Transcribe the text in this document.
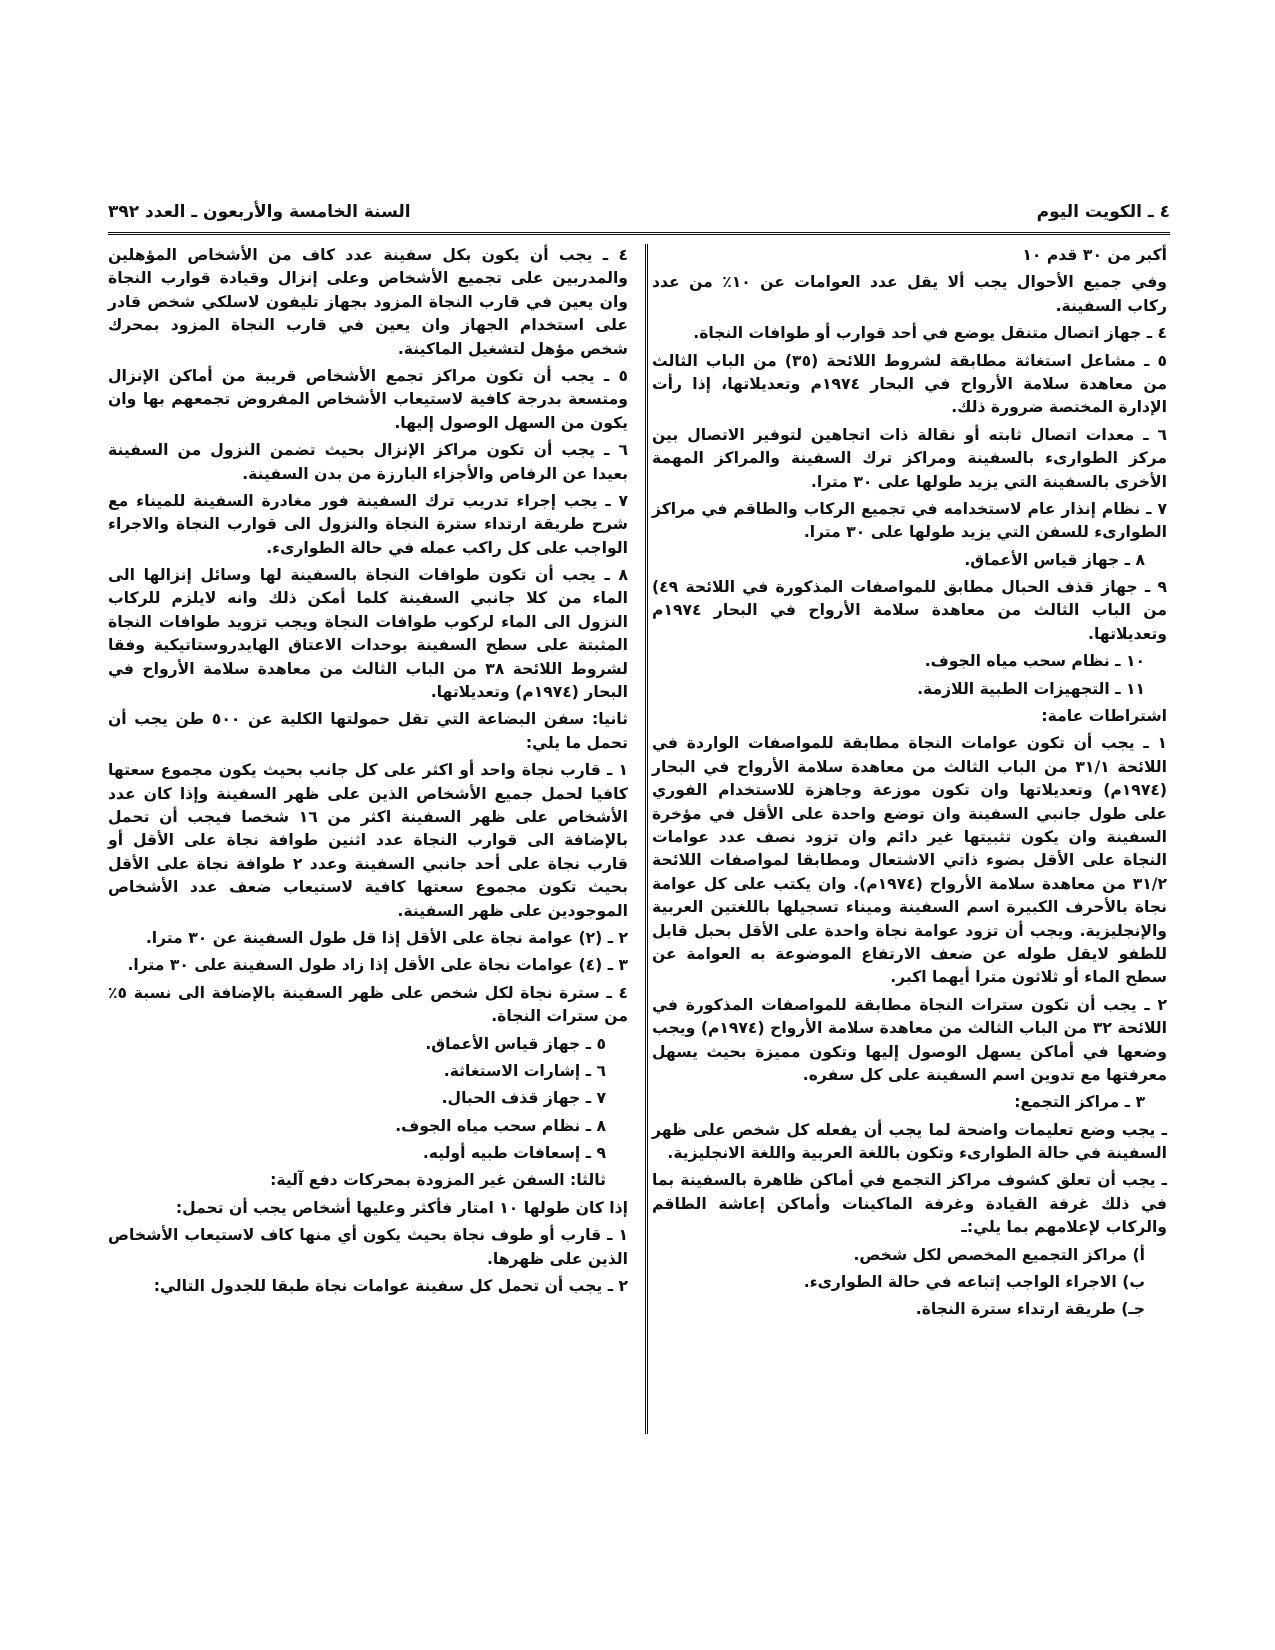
٤ ـ الكويت اليوم
السنة الخامسة والأربعون ـ العدد ٣٩٢

أكبر من ٣٠ قدم ١٠

وفي جميع الأحوال يجب ألا يقل عدد العوامات عن ١٠٪ من عدد ركاب السفينة.

٤ ـ جهاز اتصال متنقل يوضع في أحد قوارب أو طوافات النجاة.

٥ ـ مشاعل استغاثة مطابقة لشروط اللائحة (٣٥) من الباب الثالث من معاهدة سلامة الأرواح في البحار ١٩٧٤م وتعديلاتها، إذا رأت الإدارة المختصة ضرورة ذلك.

٦ ـ معدات اتصال ثابته أو نقالة ذات اتجاهين لتوفير الاتصال بين مركز الطوارىء بالسفينة ومراكز ترك السفينة والمراكز المهمة الأخرى بالسفينة التي يزيد طولها على ٣٠ مترا.

٧ ـ نظام إنذار عام لاستخدامه في تجميع الركاب والطاقم في مراكز الطوارىء للسفن التي يزيد طولها على ٣٠ مترا.

٨ ـ جهاز قياس الأعماق.

٩ ـ جهاز قذف الحبال مطابق للمواصفات المذكورة في اللائحة ٤٩) من الباب الثالث من معاهدة سلامة الأرواح في البحار ١٩٧٤م وتعديلاتها.

١٠ ـ نظام سحب مياه الجوف.

١١ ـ التجهيزات الطبية اللازمة.

اشتراطات عامة:

١ ـ يجب أن تكون عوامات النجاة مطابقة للمواصفات الواردة في اللائحة ٣١/١ من الباب الثالث من معاهدة سلامة الأرواح في البحار (١٩٧٤م) وتعديلاتها وان تكون موزعة وجاهزة للاستخدام الفوري على طول جانبي السفينة وان توضع واحدة على الأقل في مؤخرة السفينة وان يكون تثبيتها غير دائم وان تزود نصف عدد عوامات النجاة على الأقل بضوء ذاتي الاشتعال ومطابقا لمواصفات اللائحة ٣١/٢ من معاهدة سلامة الأرواح (١٩٧٤م). وان يكتب على كل عوامة نجاة بالأحرف الكبيرة اسم السفينة وميناء تسجيلها باللغتين العربية والإنجليزية. ويجب أن تزود عوامة نجاة واحدة على الأقل بحبل قابل للطفو لايقل طوله عن ضعف الارتفاع الموضوعة به العوامة عن سطح الماء أو ثلاثون مترا أيهما اكبر.

٢ ـ يجب أن تكون سترات النجاة مطابقة للمواصفات المذكورة في اللائحة ٣٢ من الباب الثالث من معاهدة سلامة الأرواح (١٩٧٤م) ويجب وضعها في أماكن يسهل الوصول إليها وتكون مميزة بحيث يسهل معرفتها مع تدوين اسم السفينة على كل سفره.

٣ ـ مراكز التجمع:

ـ يجب وضع تعليمات واضحة لما يجب أن يفعله كل شخص على ظهر السفينة في حالة الطوارىء وتكون باللغة العربية واللغة الانجليزية.

ـ يجب أن تعلق كشوف مراكز التجمع في أماكن ظاهرة بالسفينة بما في ذلك غرفة القيادة وغرفة الماكينات وأماكن إعاشة الطاقم والركاب لإعلامهم بما يلي:ـ

أ) مراكز التجميع المخصص لكل شخص.

ب) الاجراء الواجب إتباعه في حالة الطوارىء.

جـ) طريقة ارتداء سترة النجاة.

٤ ـ يجب أن يكون بكل سفينة عدد كاف من الأشخاص المؤهلين والمدربين على تجميع الأشخاص وعلى إنزال وقيادة قوارب النجاة وان يعين في قارب النجاة المزود بجهاز تليفون لاسلكي شخص قادر على استخدام الجهاز وان يعين في قارب النجاة المزود بمحرك شخص مؤهل لتشغيل الماكينة.

٥ ـ يجب أن تكون مراكز تجمع الأشخاص قريبة من أماكن الإنزال ومتسعة بدرجة كافية لاستيعاب الأشخاص المفروض تجمعهم بها وان يكون من السهل الوصول إليها.

٦ ـ يجب أن تكون مراكز الإنزال بحيث تضمن النزول من السفينة بعيدا عن الرفاص والأجزاء البارزة من بدن السفينة.

٧ ـ يجب إجراء تدريب ترك السفينة فور مغادرة السفينة للميناء مع شرح طريقة ارتداء سترة النجاة والنزول الى قوارب النجاة والاجراء الواجب على كل راكب عمله في حالة الطوارىء.

٨ ـ يجب أن تكون طوافات النجاة بالسفينة لها وسائل إنزالها الى الماء من كلا جانبي السفينة كلما أمكن ذلك وانه لايلزم للركاب النزول الى الماء لركوب طوافات النجاة ويجب تزويد طوافات النجاة المثبتة على سطح السفينة بوحدات الاعتاق الهايدروستاتيكية وفقا لشروط اللائحة ٣٨ من الباب الثالث من معاهدة سلامة الأرواح في البحار (١٩٧٤م) وتعديلاتها.

ثانيا: سفن البضاعة التي تقل حمولتها الكلية عن ٥٠٠ طن يجب أن تحمل ما يلي:

١ ـ قارب نجاة واحد أو اكثر على كل جانب بحيث يكون مجموع سعتها كافيا لحمل جميع الأشخاص الذين على ظهر السفينة وإذا كان عدد الأشخاص على ظهر السفينة اكثر من ١٦ شخصا فيجب أن تحمل بالإضافة الى قوارب النجاة عدد اثنين طوافة نجاة على الأقل أو قارب نجاة على أحد جانبي السفينة وعدد ٢ طوافة نجاة على الأقل بحيث تكون مجموع سعتها كافية لاستيعاب ضعف عدد الأشخاص الموجودين على ظهر السفينة.

٢ ـ (٢) عوامة نجاة على الأقل إذا قل طول السفينة عن ٣٠ مترا.

٣ ـ (٤) عوامات نجاة على الأقل إذا زاد طول السفينة على ٣٠ مترا.

٤ ـ سترة نجاة لكل شخص على ظهر السفينة بالإضافة الى نسبة ٥٪ من سترات النجاة.

٥ ـ جهاز قياس الأعماق.

٦ ـ إشارات الاستغاثة.

٧ ـ جهاز قذف الحبال.

٨ ـ نظام سحب مياه الجوف.

٩ ـ إسعافات طبيه أوليه.

ثالثا: السفن غير المزودة بمحركات دفع آلية:

إذا كان طولها ١٠ امتار فأكثر وعليها أشخاص يجب أن تحمل:

١ ـ قارب أو طوف نجاة بحيث يكون أي منها كاف لاستيعاب الأشخاص الذين على ظهرها.

٢ ـ يجب أن تحمل كل سفينة عوامات نجاة طبقا للجدول التالي:
